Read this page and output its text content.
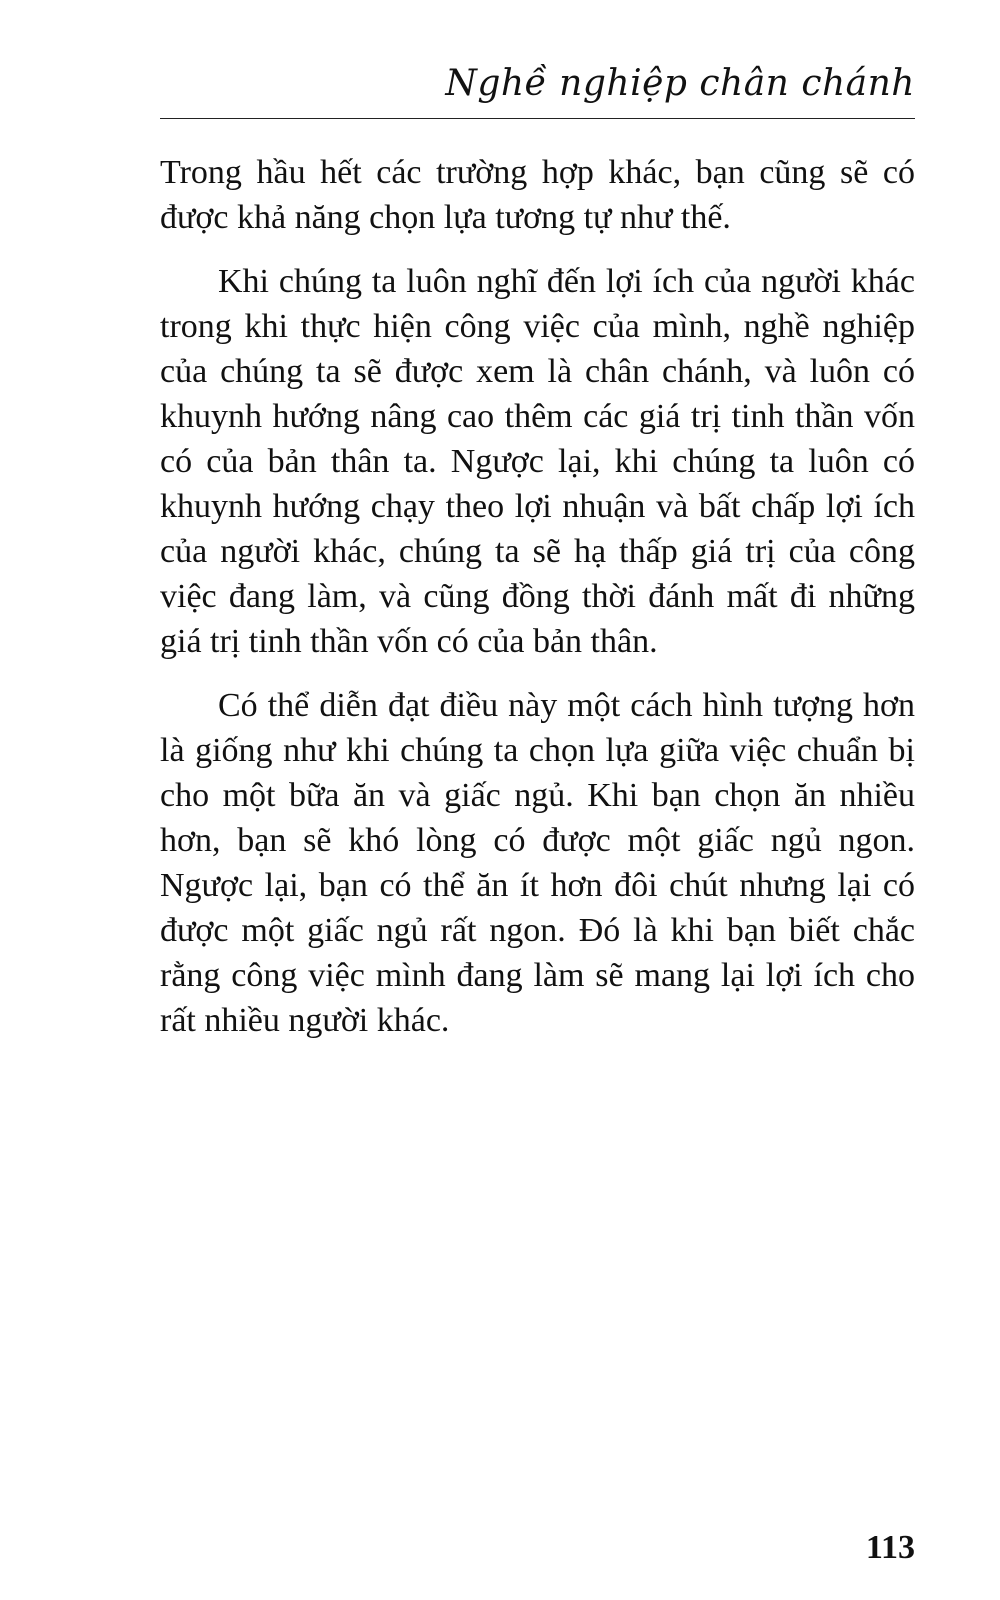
Nghề nghiệp chân chánh

Trong hầu hết các trường hợp khác, bạn cũng sẽ có được khả năng chọn lựa tương tự như thế.

Khi chúng ta luôn nghĩ đến lợi ích của người khác trong khi thực hiện công việc của mình, nghề nghiệp của chúng ta sẽ được xem là chân chánh, và luôn có khuynh hướng nâng cao thêm các giá trị tinh thần vốn có của bản thân ta. Ngược lại, khi chúng ta luôn có khuynh hướng chạy theo lợi nhuận và bất chấp lợi ích của người khác, chúng ta sẽ hạ thấp giá trị của công việc đang làm, và cũng đồng thời đánh mất đi những giá trị tinh thần vốn có của bản thân.

Có thể diễn đạt điều này một cách hình tượng hơn là giống như khi chúng ta chọn lựa giữa việc chuẩn bị cho một bữa ăn và giấc ngủ. Khi bạn chọn ăn nhiều hơn, bạn sẽ khó lòng có được một giấc ngủ ngon. Ngược lại, bạn có thể ăn ít hơn đôi chút nhưng lại có được một giấc ngủ rất ngon. Đó là khi bạn biết chắc rằng công việc mình đang làm sẽ mang lại lợi ích cho rất nhiều người khác.

113
